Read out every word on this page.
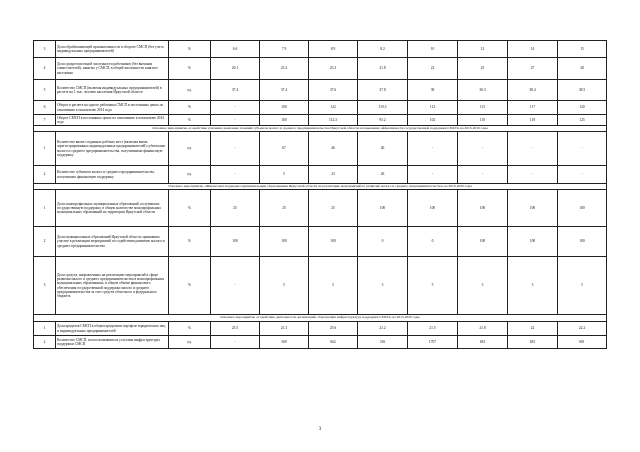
3	Доля обрабатывающей промышленности в обороте СМСП (без учета индивидуальных предпринимателей)	%	6.6	7.9	8.9	8.2	10	12	14	15
4	Доля среднесписочной численности работников (без внешних совместителей), занятых у СМСП, в общей численности занятого населения	%	20.1	23.3	23.3	21.8	23	25	27	28
5	Количество СМСП (включая индивидуальных предпринимателей) в расчете на 1 тыс. человек населения Иркутской области	ед.	37.4	37.4	37.6	37.8	38	38.3	38.4	38.5
6	Оборот в расчете на одного работника СМСП в постоянных ценах по отношению к показателю 2014 года	%	-	100	122	110.3	112	115	117	120
7	Оборот СМСП в постоянных ценах по отношению к показателю 2014 года	%	-	100	112.3	93.2	102	110	118	125
Основное мероприятие «Содействие усилению рыночных позиций субъектов малого и среднего предпринимательства Иркутской области и повышение эффективности государственной поддержки СМСП» на 2015-2016 годы										
1	Количество вновь созданных рабочих мест (включая вновь зарегистрированных индивидуальных предпринимателей) субъектами малого и среднего предпринимательства, получившими финансовую поддержку	ед.	-	67	46	40	-	-	-	-
2	Количество субъектов малого и среднего предпринимательства, получивших финансовую поддержку	ед.	-	5	23	26	-	-	-	-
Основное мероприятие «Финансовая поддержка муниципальным образованиям Иркутской области на реализацию мероприятий по развитию малого и среднего предпринимательства» на 2016-2020 годы										
1	Доля монопрофильных муниципальных образований, получивших государственную поддержку, в общем количестве монопрофильных муниципальных образований на территории Иркутской области	%	25	25	25	100	100	100	100	100
2	Доля муниципальных образований Иркутской области, принявших участие в реализации мероприятий по содействию развитию малого и среднего предпринимательства	%	100	100	100	0	0	100	100	100
3	Доля средств, направленных на реализацию мероприятий в сфере развития малого и среднего предпринимательства в монопрофильных муниципальных образованиях, в общем объеме финансового обеспечения государственной поддержки малого и среднего предпринимательства за счет средств областного и федерального бюджета	%	-	5	5	5	5	5	5	5
Основное мероприятие «Содействие деятельности организаций, образующих инфраструктуру поддержки СМСП» на 2015-2020 годы										
1	Доля кредитов СМСП в общем кредитном портфеле юридических лиц и индивидуальных предпринимателей	%	25.5	21.3	25.6	21.2	21.5	21.8	22	22.2
2	Количество СМСП, воспользовавшихся услугами инфраструктуры поддержки СМСП	ед.	-	369	662	316	1707	681	681	681
3
